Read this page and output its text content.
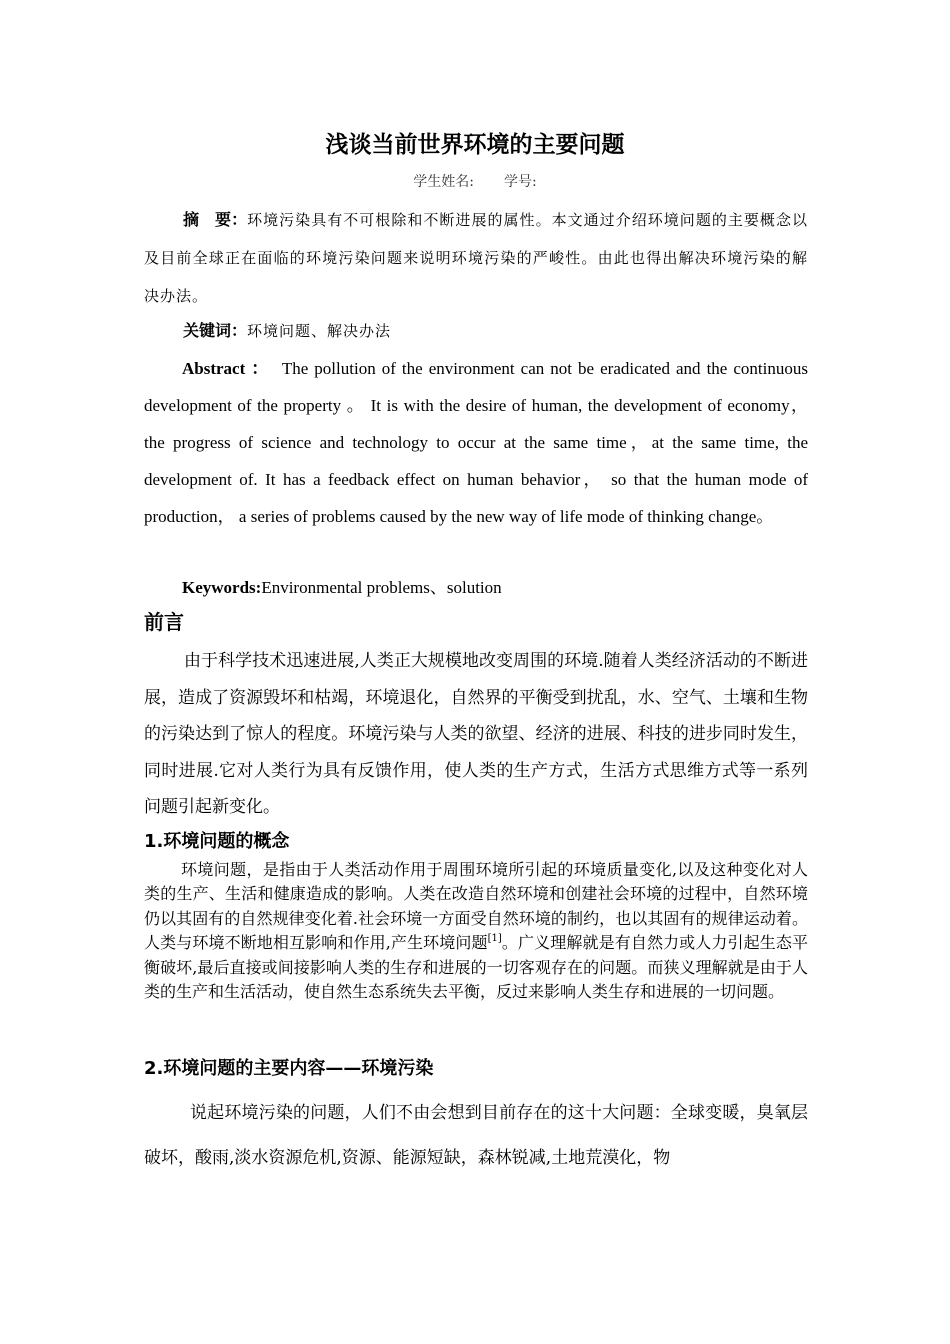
浅谈当前世界环境的主要问题
学生姓名: 学号:

摘　要：环境污染具有不可根除和不断进展的属性。本文通过介绍环境问题的主要概念以及目前全球正在面临的环境污染问题来说明环境污染的严峻性。由此也得出解决环境污染的解决办法。

关键词：环境问题、解决办法

Abstract ： The pollution of the environment can not be eradicated and the continuous development of the property 。 It is with the desire of human, the development of economy， the progress of science and technology to occur at the same time，at the same time, the development of. It has a feedback effect on human behavior， so that the human mode of production， a series of problems caused by the new way of life mode of thinking change。

Keywords:Environmental problems、solution

前言

由于科学技术迅速进展,人类正大规模地改变周围的环境.随着人类经济活动的不断进展，造成了资源毁坏和枯竭，环境退化，自然界的平衡受到扰乱，水、空气、土壤和生物的污染达到了惊人的程度。环境污染与人类的欲望、经济的进展、科技的进步同时发生，同时进展.它对人类行为具有反馈作用，使人类的生产方式，生活方式思维方式等一系列问题引起新变化。

1.环境问题的概念

环境问题，是指由于人类活动作用于周围环境所引起的环境质量变化,以及这种变化对人类的生产、生活和健康造成的影响。人类在改造自然环境和创建社会环境的过程中，自然环境仍以其固有的自然规律变化着.社会环境一方面受自然环境的制约，也以其固有的规律运动着。人类与环境不断地相互影响和作用,产生环境问题[1]。广义理解就是有自然力或人力引起生态平衡破坏,最后直接或间接影响人类的生存和进展的一切客观存在的问题。而狭义理解就是由于人类的生产和生活活动，使自然生态系统失去平衡，反过来影响人类生存和进展的一切问题。

2.环境问题的主要内容——环境污染

说起环境污染的问题，人们不由会想到目前存在的这十大问题：全球变暖，臭氧层破坏，酸雨,淡水资源危机,资源、能源短缺，森林锐减,土地荒漠化，物
